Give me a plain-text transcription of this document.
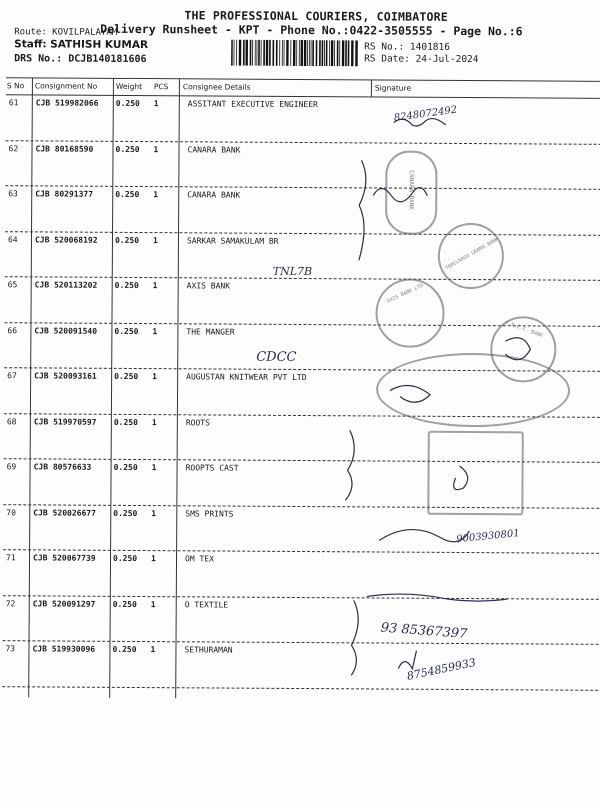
THE PROFESSIONAL COURIERS, COIMBATORE
Delivery Runsheet - KPT - Phone No.:0422-3505555 - Page No.:6
Route: KOVILPALAYAM
Staff: SATHISH KUMAR
DRS No.: DCJB140181606
RS No.: 1401816
RS Date: 24-Jul-2024
S No Consignment No Weight PCS Consignee Details	Signature
61 CJB 519982066 0.250 1	ASSITANT EXECUTIVE ENGINEER
62 CJB 80168590	0.250 1	CANARA BANK
63 CJB 80291377	0.250 1	CANARA BANK
64 CJB 520068192 0.250 1	SARKAR SAMAKULAM BR
65 CJB 520113202 0.250 1	AXIS BANK
66 CJB 520091540 0.250 1	THE MANGER
67 CJB 520093161 0.250 1	AUGUSTAN KNITWEAR PVT LTD
68 CJB 519970597 0.250 1	ROOTS
69 CJB 80576633	0.250 1	ROOPTS CAST
70 CJB 520026677 0.250 1	SMS PRINTS
71 CJB 520067739 0.250 1	OM TEX
72 CJB 520091297 0.250 1	O TEXTILE
73 CJB 519930096 0.250 1	SETHURAMAN
8248072492
TNL7B
CDCC
9003930801
93 85367397
8754859933
CANARA BANK
TAMILNADU GRAMA BANK
AXIS BANK LTD
C.D.C.C. BANK
